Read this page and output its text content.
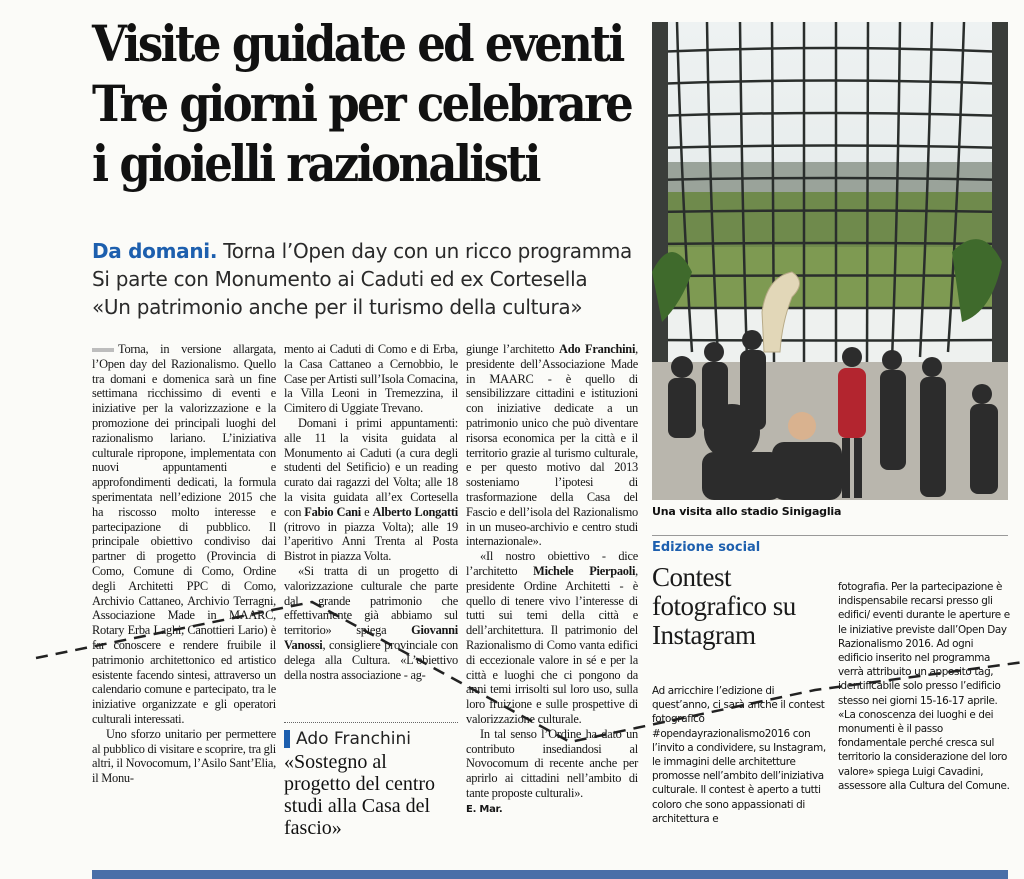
Visite guidate ed eventi
Tre giorni per celebrare
i gioielli razionalisti
Da domani. Torna l’Open day con un ricco programma
Si parte con Monumento ai Caduti ed ex Cortesella
«Un patrimonio anche per il turismo della cultura»

Torna, in versione allargata, l’Open day del Razionalismo. Quello tra domani e domenica sarà un fine settimana ricchissimo di eventi e iniziative per la valorizzazione e la promozione dei principali luoghi del razionalismo lariano. L’iniziativa culturale ripropone, implementata con nuovi appuntamenti e approfondimenti dedicati, la formula sperimentata nell’edizione 2015 che ha riscosso molto interesse e partecipazione di pubblico. Il principale obiettivo condiviso dai partner di progetto (Provincia di Como, Comune di Como, Ordine degli Architetti PPC di Como, Archivio Cattaneo, Archivio Terragni, Associazione Made in MAARC, Rotary Erba Laghi, Canottieri Lario) è far conoscere e rendere fruibile il patrimonio architettonico ed artistico esistente facendo sintesi, attraverso un calendario comune e partecipato, tra le iniziative organizzate e gli operatori culturali interessati.

Uno sforzo unitario per permettere al pubblico di visitare e scoprire, tra gli altri, il Novocomum, l’Asilo Sant’Elia, il Monu-

mento ai Caduti di Como e di Erba, la Casa Cattaneo a Cernobbio, le Case per Artisti sull’Isola Comacina, la Villa Leoni in Tremezzina, il Cimitero di Uggiate Trevano.

Domani i primi appuntamenti: alle 11 la visita guidata al Monumento ai Caduti (a cura degli studenti del Setificio) e un reading curato dai ragazzi del Volta; alle 18 la visita guidata all’ex Cortesella con Fabio Cani e Alberto Longatti (ritrovo in piazza Volta); alle 19 l’aperitivo Anni Trenta al Posta Bistrot in piazza Volta.

«Si tratta di un progetto di valorizzazione culturale che parte dal grande patrimonio che effettivamente già abbiamo sul territorio» spiega Giovanni Vanossi, consigliere provinciale con delega alla Cultura. «L’obiettivo della nostra associazione - ag-

Ado Franchini
«Sostegno al progetto del centro studi alla Casa del fascio»

giunge l’architetto Ado Franchini, presidente dell’Associazione Made in MAARC - è quello di sensibilizzare cittadini e istituzioni con iniziative dedicate a un patrimonio unico che può diventare risorsa economica per la città e il territorio grazie al turismo culturale, e per questo motivo dal 2013 sosteniamo l’ipotesi di trasformazione della Casa del Fascio e dell’isola del Razionalismo in un museo-archivio e centro studi internazionale».

«Il nostro obiettivo - dice l’architetto Michele Pierpaoli, presidente Ordine Architetti - è quello di tenere vivo l’interesse di tutti sui temi della città e dell’architettura. Il patrimonio del Razionalismo di Como vanta edifici di eccezionale valore in sé e per la città e luoghi che ci pongono da anni temi irrisolti sul loro uso, sulla loro fruizione e sulle prospettive di valorizzazione culturale.

In tal senso l’Ordine ha dato un contributo insediandosi al Novocomum di recente anche per aprirlo ai cittadini nell’ambito di tante proposte culturali».

E. Mar.

Una visita allo stadio Sinigaglia
Edizione social
Contest fotografico su Instagram

Ad arricchire l’edizione di quest’anno, ci sarà anche il contest fotografico #opendayrazionalismo2016 con l’invito a condividere, su Instagram, le immagini delle architetture promosse nell’ambito dell’iniziativa culturale. Il contest è aperto a tutti coloro che sono appassionati di architettura e

fotografia. Per la partecipazione è indispensabile recarsi presso gli edifici/ eventi durante le aperture e le iniziative previste dall’Open Day Razionalismo 2016. Ad ogni edificio inserito nel programma verrà attribuito un apposito tag, identificabile solo presso l’edificio stesso nei giorni 15-16-17 aprile. «La conoscenza dei luoghi e dei monumenti è il passo fondamentale perché cresca sul territorio la considerazione del loro valore» spiega Luigi Cavadini, assessore alla Cultura del Comune.
